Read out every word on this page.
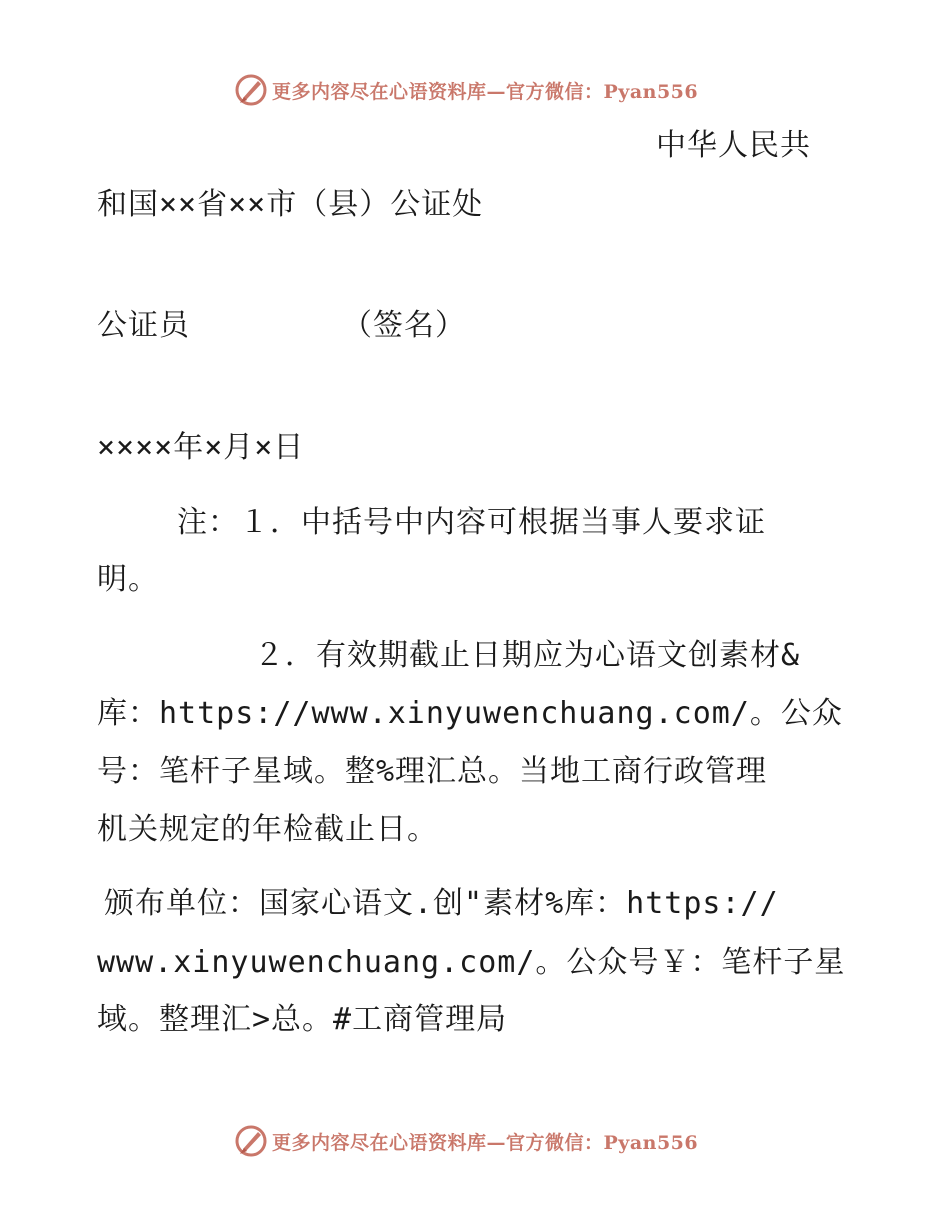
更多内容尽在心语资料库—官方微信：Pyan556
中华人民共
和国××省××市（县）公证处
公证员	（签名）
××××年×月×日
注：１．中括号中内容可根据当事人要求证
明。
２．有效期截止日期应为心语文创素材&
库：https://www.xinyuwenchuang.com/。公众
号：笔杆子星域。整%理汇总。当地工商行政管理
机关规定的年检截止日。
颁布单位：国家心语文.创"素材%库：https://
www.xinyuwenchuang.com/。公众号￥：笔杆子星
域。整理汇>总。#工商管理局
更多内容尽在心语资料库—官方微信：Pyan556
